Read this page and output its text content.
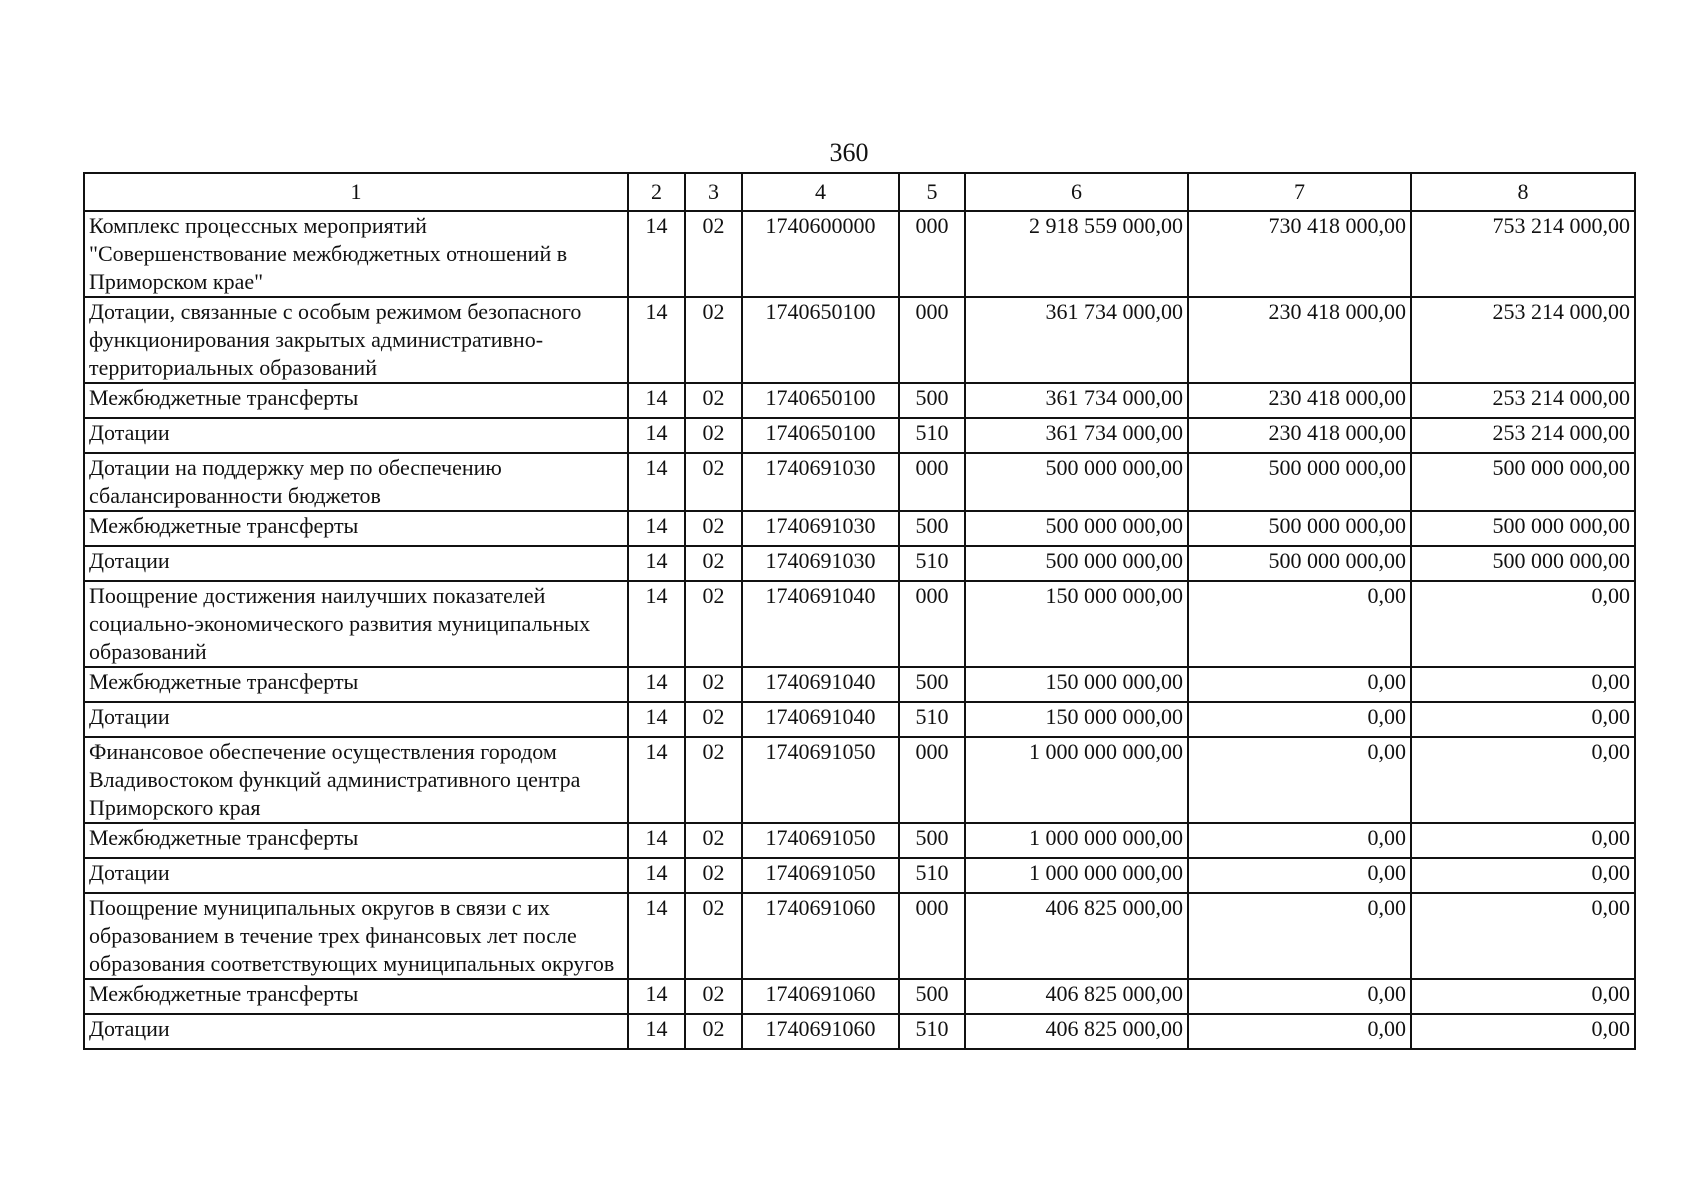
360
1	2	3	4	5	6	7	8
Комплекс процессных мероприятий "Совершенствование межбюджетных отношений в Приморском крае"	14	02	1740600000	000	2 918 559 000,00	730 418 000,00	753 214 000,00
Дотации, связанные с особым режимом безопасного функционирования закрытых административно-территориальных образований	14	02	1740650100	000	361 734 000,00	230 418 000,00	253 214 000,00
Межбюджетные трансферты	14	02	1740650100	500	361 734 000,00	230 418 000,00	253 214 000,00
Дотации	14	02	1740650100	510	361 734 000,00	230 418 000,00	253 214 000,00
Дотации на поддержку мер по обеспечению сбалансированности бюджетов	14	02	1740691030	000	500 000 000,00	500 000 000,00	500 000 000,00
Межбюджетные трансферты	14	02	1740691030	500	500 000 000,00	500 000 000,00	500 000 000,00
Дотации	14	02	1740691030	510	500 000 000,00	500 000 000,00	500 000 000,00
Поощрение достижения наилучших показателей социально-экономического развития муниципальных образований	14	02	1740691040	000	150 000 000,00	0,00	0,00
Межбюджетные трансферты	14	02	1740691040	500	150 000 000,00	0,00	0,00
Дотации	14	02	1740691040	510	150 000 000,00	0,00	0,00
Финансовое обеспечение осуществления городом Владивостоком функций административного центра Приморского края	14	02	1740691050	000	1 000 000 000,00	0,00	0,00
Межбюджетные трансферты	14	02	1740691050	500	1 000 000 000,00	0,00	0,00
Дотации	14	02	1740691050	510	1 000 000 000,00	0,00	0,00
Поощрение муниципальных округов в связи с их образованием в течение трех финансовых лет после образования соответствующих муниципальных округов	14	02	1740691060	000	406 825 000,00	0,00	0,00
Межбюджетные трансферты	14	02	1740691060	500	406 825 000,00	0,00	0,00
Дотации	14	02	1740691060	510	406 825 000,00	0,00	0,00
